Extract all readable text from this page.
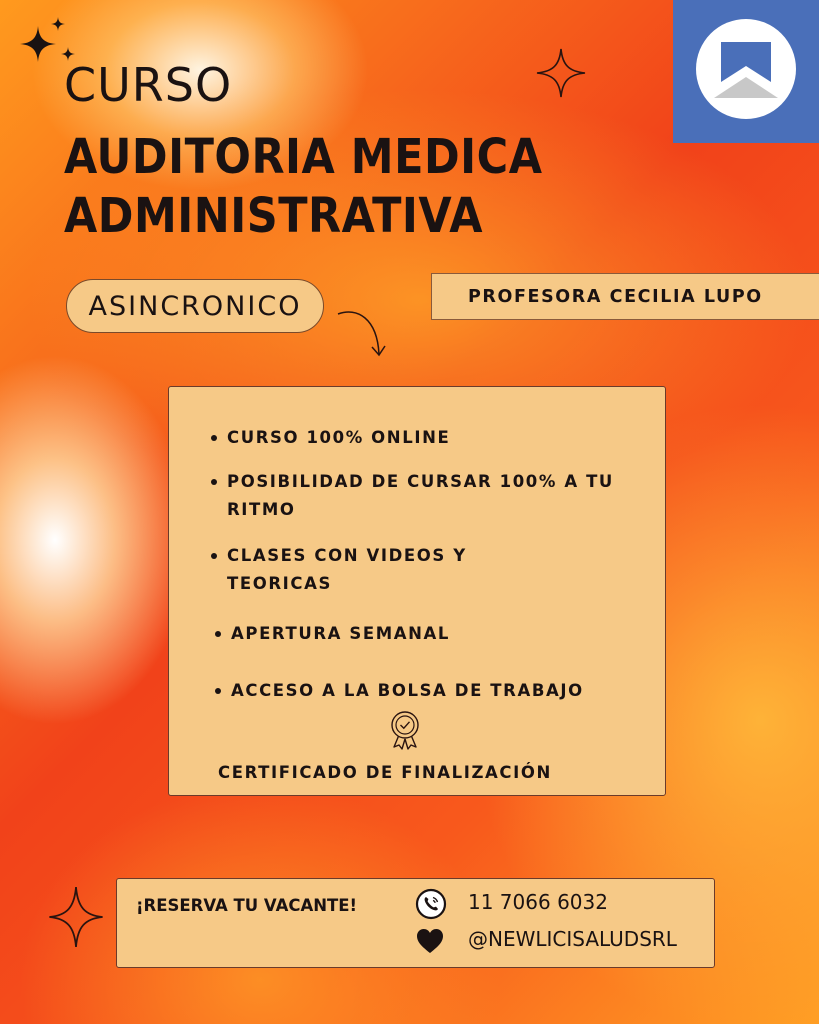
CURSO
AUDITORIA MEDICA
ADMINISTRATIVA
ASINCRONICO	PROFESORA CECILIA LUPO
CURSO 100% ONLINE
POSIBILIDAD DE CURSAR 100% A TU RITMO
CLASES CON VIDEOS Y TEORICAS
APERTURA SEMANAL
ACCESO A LA BOLSA DE TRABAJO
CERTIFICADO DE FINALIZACIÓN
¡RESERVA TU VACANTE!	11 7066 6032
@NEWLICISALUDSRL
